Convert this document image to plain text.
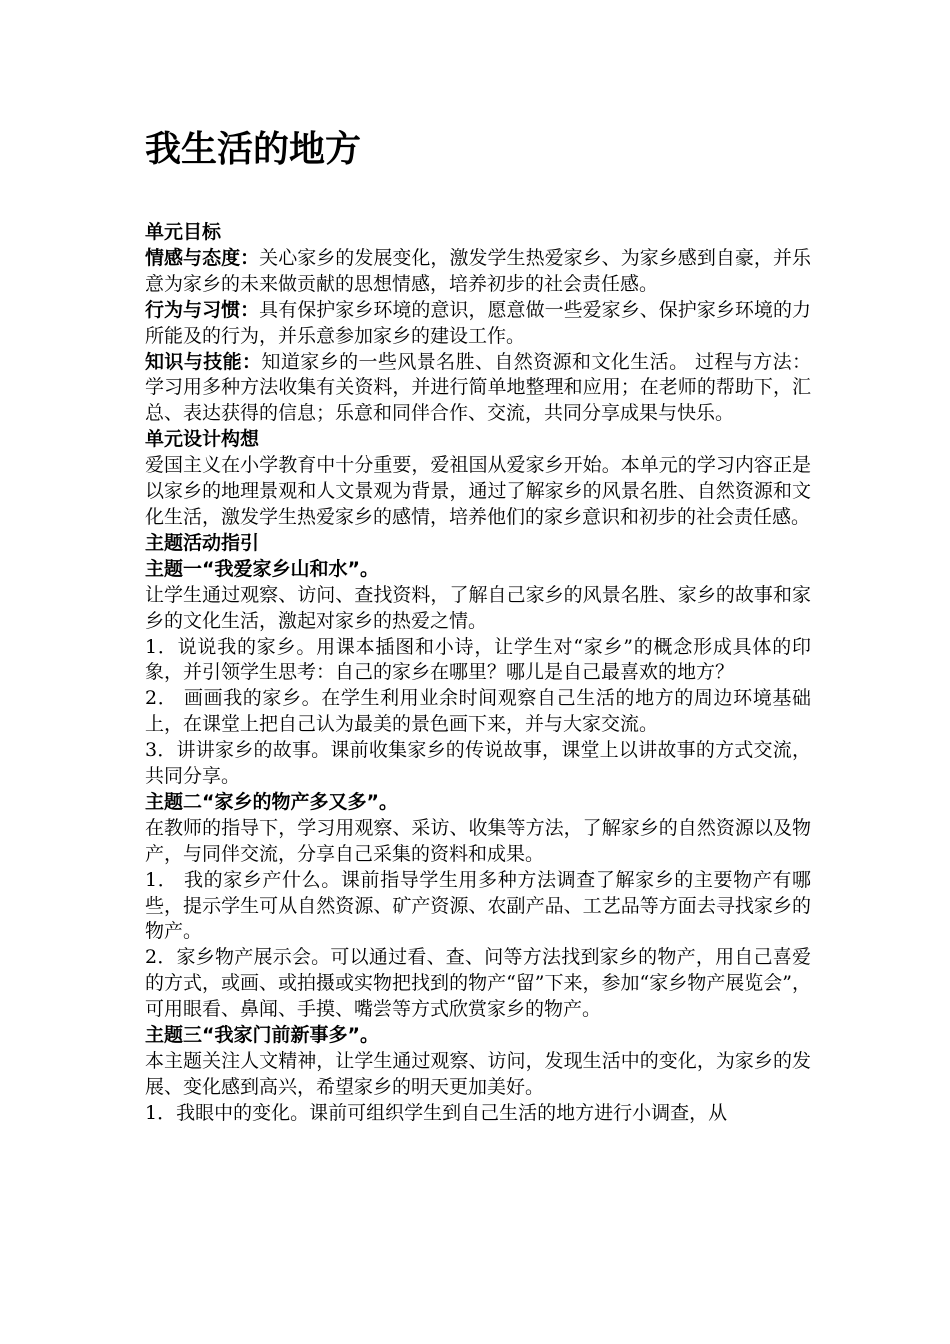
我生活的地方

单元目标

情感与态度：关心家乡的发展变化，激发学生热爱家乡、为家乡感到自豪，并乐意为家乡的未来做贡献的思想情感，培养初步的社会责任感。

行为与习惯：具有保护家乡环境的意识，愿意做一些爱家乡、保护家乡环境的力所能及的行为，并乐意参加家乡的建设工作。

知识与技能：知道家乡的一些风景名胜、自然资源和文化生活。 过程与方法：学习用多种方法收集有关资料，并进行简单地整理和应用；在老师的帮助下，汇总、表达获得的信息；乐意和同伴合作、交流，共同分享成果与快乐。

单元设计构想

爱国主义在小学教育中十分重要，爱祖国从爱家乡开始。本单元的学习内容正是以家乡的地理景观和人文景观为背景，通过了解家乡的风景名胜、自然资源和文化生活，激发学生热爱家乡的感情，培养他们的家乡意识和初步的社会责任感。

主题活动指引

主题一“我爱家乡山和水”。

让学生通过观察、访问、查找资料，了解自己家乡的风景名胜、家乡的故事和家乡的文化生活，激起对家乡的热爱之情。

1．说说我的家乡。用课本插图和小诗，让学生对“家乡”的概念形成具体的印象，并引领学生思考：自己的家乡在哪里？哪儿是自己最喜欢的地方？

2． 画画我的家乡。在学生利用业余时间观察自己生活的地方的周边环境基础上，在课堂上把自己认为最美的景色画下来，并与大家交流。

3．讲讲家乡的故事。课前收集家乡的传说故事，课堂上以讲故事的方式交流，共同分享。

主题二“家乡的物产多又多”。

在教师的指导下，学习用观察、采访、收集等方法，了解家乡的自然资源以及物产，与同伴交流，分享自己采集的资料和成果。

1． 我的家乡产什么。课前指导学生用多种方法调查了解家乡的主要物产有哪些，提示学生可从自然资源、矿产资源、农副产品、工艺品等方面去寻找家乡的物产。

2．家乡物产展示会。可以通过看、查、问等方法找到家乡的物产，用自己喜爱的方式，或画、或拍摄或实物把找到的物产“留”下来，参加“家乡物产展览会”，可用眼看、鼻闻、手摸、嘴尝等方式欣赏家乡的物产。

主题三“我家门前新事多”。

本主题关注人文精神，让学生通过观察、访问，发现生活中的变化，为家乡的发展、变化感到高兴，希望家乡的明天更加美好。

1．我眼中的变化。课前可组织学生到自己生活的地方进行小调查，从
